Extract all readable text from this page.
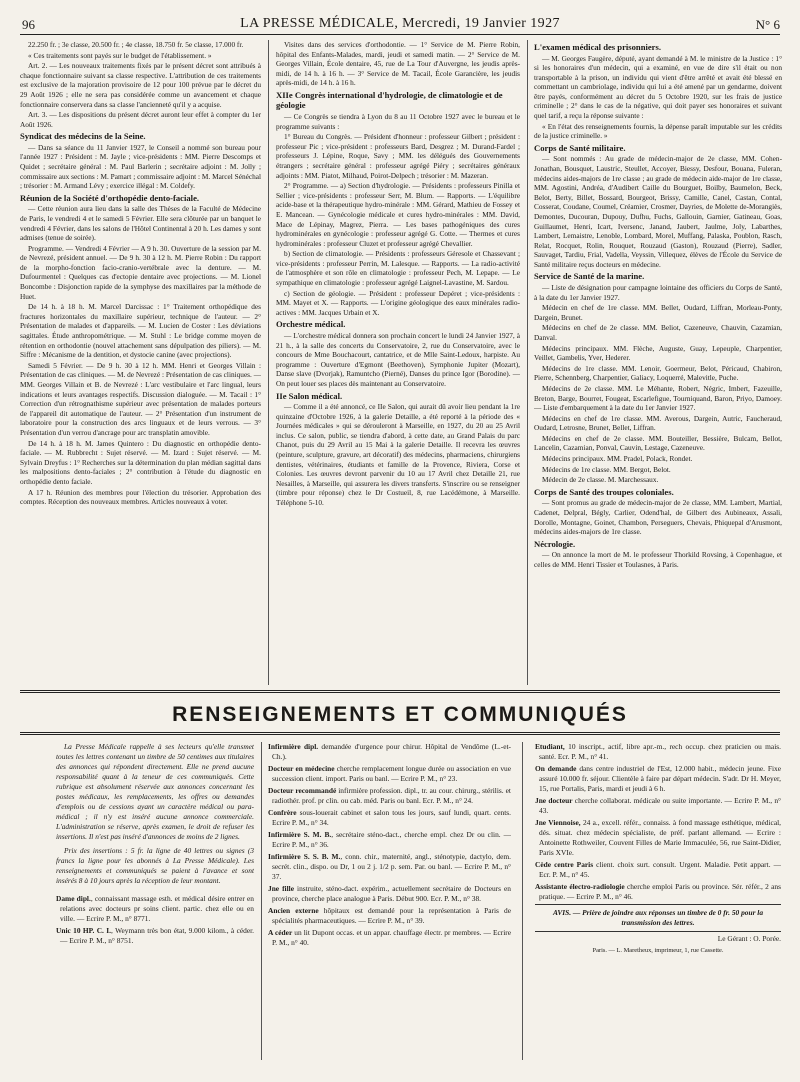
96	LA PRESSE MÉDICALE, Mercredi, 19 Janvier 1927	N° 6

22.250 fr. ; 3e classe, 20.500 fr. ; 4e classe, 18.750 fr. 5e classe, 17.000 fr.

« Ces traitements sont payés sur le budget de l'établissement. »

Art. 2. — Les nouveaux traitements fixés par le présent décret sont attribués à chaque fonctionnaire suivant sa classe respective. L'attribution de ces traitements est exclusive de la majoration provisoire de 12 pour 100 prévue par le décret du 29 Août 1926 ; elle ne sera pas considérée comme un avancement et chaque fonctionnaire conservera dans sa classe l'ancienneté qu'il y a acquise.

Art. 3. — Les dispositions du présent décret auront leur effet à compter du 1er Août 1926.

Syndicat des médecins de la Seine.

— Dans sa séance du 11 Janvier 1927, le Conseil a nommé son bureau pour l'année 1927 : Président : M. Jayle ; vice-présidents : MM. Pierre Descomps et Quidet ; secrétaire général : M. Paul Barlerin ; secrétaire adjoint : M. Jolly ; commissaire aux sections : M. Pamart ; commissaire adjoint : M. Marcel Sénéchal ; trésorier : M. Armand Lévy ; exercice illégal : M. Coldefy.

Réunion de la Société d'orthopédie dento-faciale.

— Cette réunion aura lieu dans la salle des Thèses de la Faculté de Médecine de Paris, le vendredi 4 et le samedi 5 Février. Elle sera clôturée par un banquet le vendredi 4 Février, dans les salons de l'Hôtel Continental à 20 h. Les dames y sont admises (tenue de soirée).

Programme. — Vendredi 4 Février — A 9 h. 30. Ouverture de la session par M. de Nevrezé, président annuel. — De 9 h. 30 à 12 h. M. Pierre Robin : Du rapport de la morpho-fonction facio-cranio-vertébrale avec la denture. — M. Dufourmentel : Quelques cas d'ectopie dentaire avec projections. — M. Lionel Boncombe : Disjonction rapide de la symphyse des maxillaires par la méthode de Huet.

De 14 h. à 18 h. M. Marcel Darcissac : 1° Traitement orthopédique des fractures horizontales du maxillaire supérieur, technique de l'auteur. — 2° Présentation de malades et d'appareils. — M. Lucien de Coster : Les déviations sagittales. Étude anthropométrique. — M. Stuhl : Le bridge comme moyen de rétention en orthodontie (nouvel attachement sans dépulpation des piliers). — M. Siffre : Mécanisme de la dentition, et dystocie canine (avec projections).

Samedi 5 Février. — De 9 h. 30 à 12 h. MM. Henri et Georges Villain : Présentation de cas cliniques. — M. de Nevrezé : Présentation de cas cliniques. — MM. Georges Villain et B. de Nevrezé : L'arc vestibulaire et l'arc lingual, leurs indications et leurs avantages respectifs. Discussion dialoguée. — M. Tacail : 1° Correction d'un rétrognathisme supérieur avec présentation de malades porteurs de l'appareil dit automatique de l'auteur. — 2° Présentation d'un instrument de laboratoire pour la construction des arcs linguaux et de leurs verrous. — 3° Présentation d'un verrou d'ancrage pour arc transplatin amovible.

De 14 h. à 18 h. M. James Quintero : Du diagnostic en orthopédie dento-faciale. — M. Rubbrecht : Sujet réservé. — M. Izard : Sujet réservé. — M. Sylvain Dreyfus : 1° Recherches sur la détermination du plan médian sagittal dans les malpositions dento-faciales ; 2° contribution à l'étude du diagnostic en orthopédie dento faciale.

A 17 h. Réunion des membres pour l'élection du trésorier. Approbation des comptes. Réception des nouveaux membres. Articles nouveaux à voter.

Visites dans des services d'orthodontie. — 1° Service de M. Pierre Robin, hôpital des Enfants-Malades, mardi, jeudi et samedi matin. — 2° Service de M. Georges Villain, École dentaire, 45, rue de La Tour d'Auvergne, les jeudis après-midi, de 14 h. à 16 h. — 3° Service de M. Tacail, École Garancière, les jeudis après-midi, de 14 h. à 16 h.

XIIe Congrès international d'hydrologie, de climatologie et de géologie

— Ce Congrès se tiendra à Lyon du 8 au 11 Octobre 1927 avec le bureau et le programme suivants :

1° Bureau du Congrès. — Président d'honneur : professeur Gilbert ; président : professeur Pic ; vice-président : professeurs Bard, Desgrez ; M. Durand-Fardel ; professeurs J. Lépine, Roque, Savy ; MM. les délégués des Gouvernements étrangers ; secrétaire général : professeur agrégé Piéry ; secrétaires généraux adjoints : MM. Piatot, Milhaud, Poirot-Delpech ; trésorier : M. Mazeran.

2° Programme. — a) Section d'hydrologie. — Présidents : professeurs Pinilla et Sellier ; vice-présidents : professeur Serr, M. Blum. — Rapports. — L'équilibre acide-base et la thérapeutique hydro-minérale : MM. Gérard, Mathieu de Fossey et E. Mancean. — Gynécologie médicale et cures hydro-minérales : MM. David, Mace de Lépinay, Magrez, Pierra. — Les bases pathogéniques des cures hydrominérales en gynécologie : professeur agrégé G. Cotte. — Thermes et cures hydrominérales : professeur Cluzet et professeur agrégé Chevallier.

b) Section de climatologie. — Présidents : professeurs Géresole et Chassevant ; vice-présidents : professeur Perrin, M. Lalesque. — Rapports. — La radio-activité de l'atmosphère et son rôle en climatologie : professeur Pech, M. Lepape. — Le sympathique en climatologie : professeur agrégé Laignel-Lavastine, M. Sardou.

c) Section de géologie. — Président : professeur Depéret ; vice-présidents : MM. Mayet et X. — Rapports. — L'origine géologique des eaux minérales radio-actives : MM. Jacques Urbain et X.

Orchestre médical.

— L'orchestre médical donnera son prochain concert le lundi 24 Janvier 1927, à 21 h., à la salle des concerts du Conservatoire, 2, rue du Conservatoire, avec le concours de Mme Bouchacourt, cantatrice, et de Mlle Saint-Ledoux, harpiste. Au programme : Ouverture d'Egmont (Beethoven), Symphonie Jupiter (Mozart), Danse slave (Dvorjak), Ramuntcho (Pierné), Danses du prince Igor (Borodine). — On peut louer ses places dès maintenant au Conservatoire.

IIe Salon médical.

— Comme il a été annoncé, ce IIe Salon, qui aurait dû avoir lieu pendant la 1re quinzaine d'Octobre 1926, à la galerie Detaille, a été reporté à la période des « Journées médicales » qui se dérouleront à Marseille, en 1927, du 20 au 25 Avril inclus. Ce salon, public, se tiendra d'abord, à cette date, au Grand Palais du parc Chanot, puis du 29 Avril au 15 Mai à la galerie Detaille. Il recevra les œuvres (peinture, sculpture, gravure, art décoratif) des médecins, pharmaciens, chirurgiens dentistes, vétérinaires, étudiants et famille de la Provence, Riviera, Corse et Colonies. Les œuvres devront parvenir du 10 au 17 Avril chez Detaille 21, rue Nesailles, à Marseille, qui assurera les divers transferts. S'inscrire ou se renseigner (timbre pour réponse) chez le Dr Costueil, 8, rue Lacédémone, à Marseille. Téléphone 5-10.

L'examen médical des prisonniers.

— M. Georges Faugère, député, ayant demandé à M. le ministre de la Justice : 1° si les honoraires d'un médecin, qui a examiné, en vue de dire s'il était ou non transportable à la prison, un individu qui vient d'être arrêté et avait été blessé en commettant un cambriolage, individu qui lui a été amené par un gendarme, doivent être payés, conformément au décret du 5 Octobre 1920, sur les frais de justice criminelle ; 2° dans le cas de la négative, qui doit payer ses honoraires et suivant quel tarif, a reçu la réponse suivante :

« En l'état des renseignements fournis, la dépense paraît imputable sur les crédits de la justice criminelle. »

Corps de Santé militaire.

— Sont nommés : Au grade de médecin-major de 2e classe, MM. Cohen-Jonathan, Bousquet, Laustric, Steullet, Accoyer, Biessy, Desfour, Bouana, Fuleran, médecins aides-majors de 1re classe ; au grade de médecin aide-major de 1re classe, MM. Agostini, Andréa, d'Audibert Caille du Bourguet, Boilby, Baumelon, Beck, Belot, Berty, Billet, Bossard, Bourgeot, Brissy, Camille, Canel, Castan, Contal, Cosserat, Coudane, Coumel, Créamier, Crosmer, Dayries, de Molette de-Morangiès, Demontes, Ducouran, Dupouy, Dufhu, Fuchs, Gallouin, Garnier, Gatineau, Goas, Guillaumet, Henri, Icart, Iversenc, Janand, Jaubert, Jaulme, Joly, Labarthes, Lambert, Lemaistre, Lenoble, Lombard, Morel, Muffang, Palaska, Poublon, Rasch, Relat, Rocquet, Rolin, Rouquet, Rouzaud (Gaston), Rouzaud (Pierre), Sadler, Sauvaget, Tardiu, Frial, Vadella, Veyssin, Villequez, élèves de l'École du Service de Santé militaire reçus docteurs en médecine.

Service de Santé de la marine.

— Liste de désignation pour campagne lointaine des officiers du Corps de Santé, à la date du 1er Janvier 1927.

Médecin en chef de 1re classe. MM. Bellet, Oudard, Liffran, Morleau-Ponty, Dargein, Brunet.

Médecins en chef de 2e classe. MM. Beliot, Cazeneuve, Chauvin, Cazamian, Danval.

Médecins principaux. MM. Flèche, Auguste, Guay, Lepeuple, Charpentier, Veillet, Gambelis, Yver, Hederer.

Médecins de 1re classe. MM. Lenoir, Goermeur, Belot, Péricaud, Chabiron, Pierre, Schennberg, Charpentier, Galiacy, Loquerré, Malevitle, Puche.

Médecins de 2e classe. MM. Le Méhante, Robert, Négric, Imbert, Fazeuille, Breton, Barge, Bourret, Fougeat, Escarlefigue, Tourniquand, Baron, Priyo, Damoey. — Liste d'embarquement à la date du 1er Janvier 1927.

Médecins en chef de 1re classe. MM. Averous, Dargein, Autric, Faucheraud, Oudard, Letrosne, Brunet, Bellet, Liffran.

Médecins en chef de 2e classe. MM. Bouteiller, Bessière, Bulcam, Bellot, Lancelin, Cazamian, Ponval, Cauvin, Lestage, Cazeneuve.

Médecins principaux. MM. Pradel, Polack, Rondet.

Médecins de 1re classe. MM. Bergot, Belot.

Médecin de 2e classe. M. Marchessaux.

Corps de Santé des troupes coloniales.

— Sont promus au grade de médecin-major de 2e classe, MM. Lambert, Martial, Cadenet, Delpral, Bégly, Carlier, Odend'hal, de Gilbert des Aubineaux, Assali, Dorolle, Montagne, Goinet, Chambon, Perseguers, Chevais, Phiquepal d'Arusmont, médecins aides-majors de 1re classe.

Nécrologie.

— On annonce la mort de M. le professeur Thorkild Rovsing, à Copenhague, et celles de MM. Henri Tissier et Toulasnes, à Paris.

RENSEIGNEMENTS ET COMMUNIQUÉS

La Presse Médicale rappelle à ses lecteurs qu'elle transmet toutes les lettres contenant un timbre de 50 centimes aux titulaires des annonces qui répondent directement. Elle ne prend aucune responsabilité quant à la teneur de ces communiqués. Cette rubrique est absolument réservée aux annonces concernant les postes médicaux, les remplacements, les offres ou demandes d'emplois ou de cessions ayant un caractère médical ou para-médical ; il n'y est inséré aucune annonce commerciale. L'administration se réserve, après examen, le droit de refuser les insertions. Il n'est pas inséré d'annonces de moins de 2 lignes.

Prix des insertions : 5 fr. la ligne de 40 lettres ou signes (3 francs la ligne pour les abonnés à La Presse Médicale). Les renseignements et communiqués se paient à l'avance et sont insérés 8 à 10 jours après la réception de leur montant.

Dame dipl., connaissant massage esth. et médical désire entrer en relations avec docteurs pr soins client. partic. chez elle ou en ville. — Ecrire P. M., n° 8771.

Unic 10 HP. C. I., Weymann très bon état, 9.000 kilom., à céder. — Ecrire P. M., n° 8751.

Infirmière dipl. demandée d'urgence pour chirur. Hôpital de Vendôme (L.-et-Ch.).

Docteur en médecine cherche remplacement longue durée ou association en vue succession client. import. Paris ou banl. — Ecrire P. M., n° 23.

Docteur recommandé infirmière profession. dipl., tr. au cour. chirurg., stérilis. et radiothér. prof. pr clin. ou cab. méd. Paris ou banl. Ecr. P. M., n° 24.

Confrère sous-louerait cabinet et salon tous les jours, sauf lundi, quart. cents. Ecrire P. M., n° 34.

Infirmière S. M. B., secrétaire sténo-dact., cherche empl. chez Dr ou clin. — Ecrire P. M., n° 36.

Infirmière S. S. B. M., conn. chir., maternité, angl., sténotypie, dactylo, dem. secrét. clin., dispo. ou Dr, 1 ou 2 j. 1/2 p. sem. Par. ou banl. — Ecrire P. M., n° 37.

Jne fille instruite, sténo-dact. expérim., actuellement secrétaire de Docteurs en province, cherche place analogue à Paris. Début 900. Ecr. P. M., n° 38.

Ancien externe hôpitaux est demandé pour la représentation à Paris de spécialités pharmaceutiques. — Ecrire P. M., n° 39.

A céder un lit Dupont occas. et un appar. chauffage électr. pr membres. — Ecrire P. M., n° 40.

Etudiant, 10 inscript., actif, libre apr.-m., rech occup. chez praticien ou mais. santé. Ecr. P. M., n° 41.

On demande dans centre industriel de l'Est, 12.000 habit., médecin jeune. Fixe assuré 10.000 fr. séjour. Clientèle à faire par départ médecin. S'adr. Dr H. Meyer, 15, rue Portalis, Paris, mardi et jeudi à 6 h.

Jne docteur cherche collaborat. médicale ou suite importante. — Ecrire P. M., n° 43.

Jne Viennoise, 24 a., excell. référ., connaiss. à fond massage esthétique, médical, dés. situat. chez médecin spécialiste, de préf. parlant allemand. — Ecrire : Antoinette Rothweiler, Couvent Filles de Marie Immaculée, 56, rue Saint-Didier, Paris XVIe.

Cède centre Paris client. choix surt. consult. Urgent. Maladie. Petit appart. — Ecr. P. M., n° 45.

Assistante électro-radiologie cherche emploi Paris ou province. Sér. référ., 2 ans pratique. — Ecrire P. M., n° 46.

AVIS. — Prière de joindre aux réponses un timbre de 0 fr. 50 pour la transmission des lettres.

Le Gérant : O. Porée.

Paris. — L. Maretheux, imprimeur, 1, rue Cassette.
